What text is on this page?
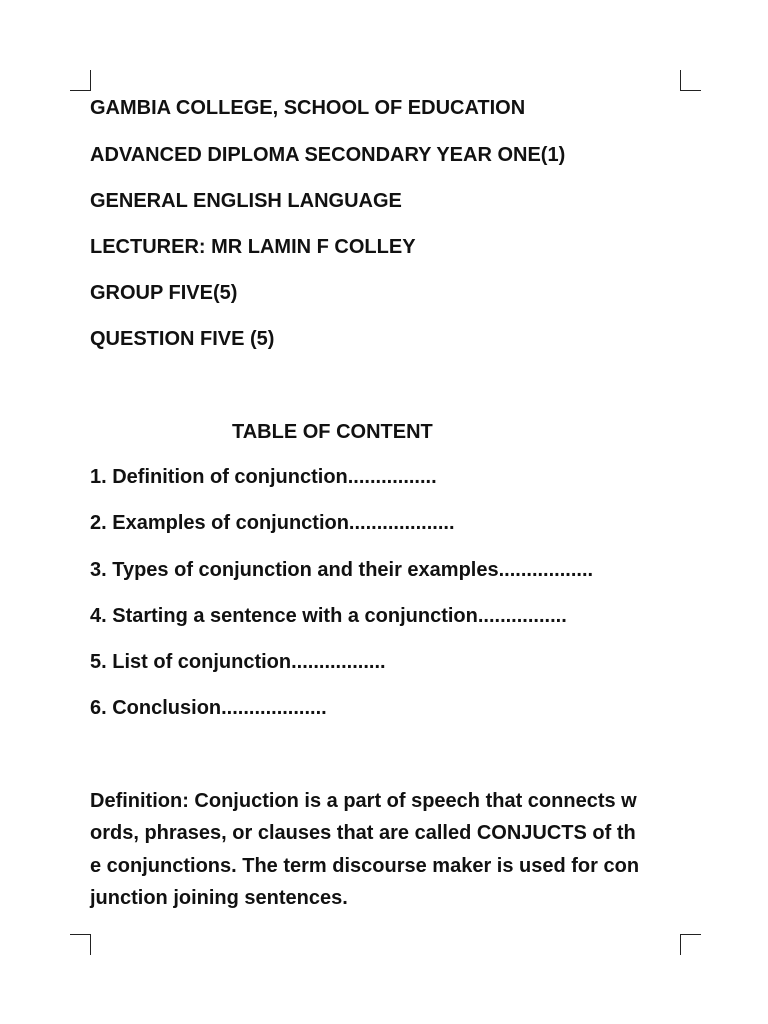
GAMBIA COLLEGE, SCHOOL OF EDUCATION
ADVANCED DIPLOMA SECONDARY YEAR ONE(1)
GENERAL ENGLISH LANGUAGE
LECTURER: MR LAMIN F COLLEY
GROUP FIVE(5)
QUESTION FIVE (5)
TABLE OF CONTENT
1. Definition of conjunction................
2. Examples of conjunction...................
3. Types of conjunction and their examples.................
4. Starting a sentence with a conjunction................
5. List of conjunction.................
6. Conclusion...................
Definition: Conjuction is a part of speech that connects w
ords, phrases, or clauses that are called CONJUCTS of th
e conjunctions. The term discourse maker is used for con
junction joining sentences.
